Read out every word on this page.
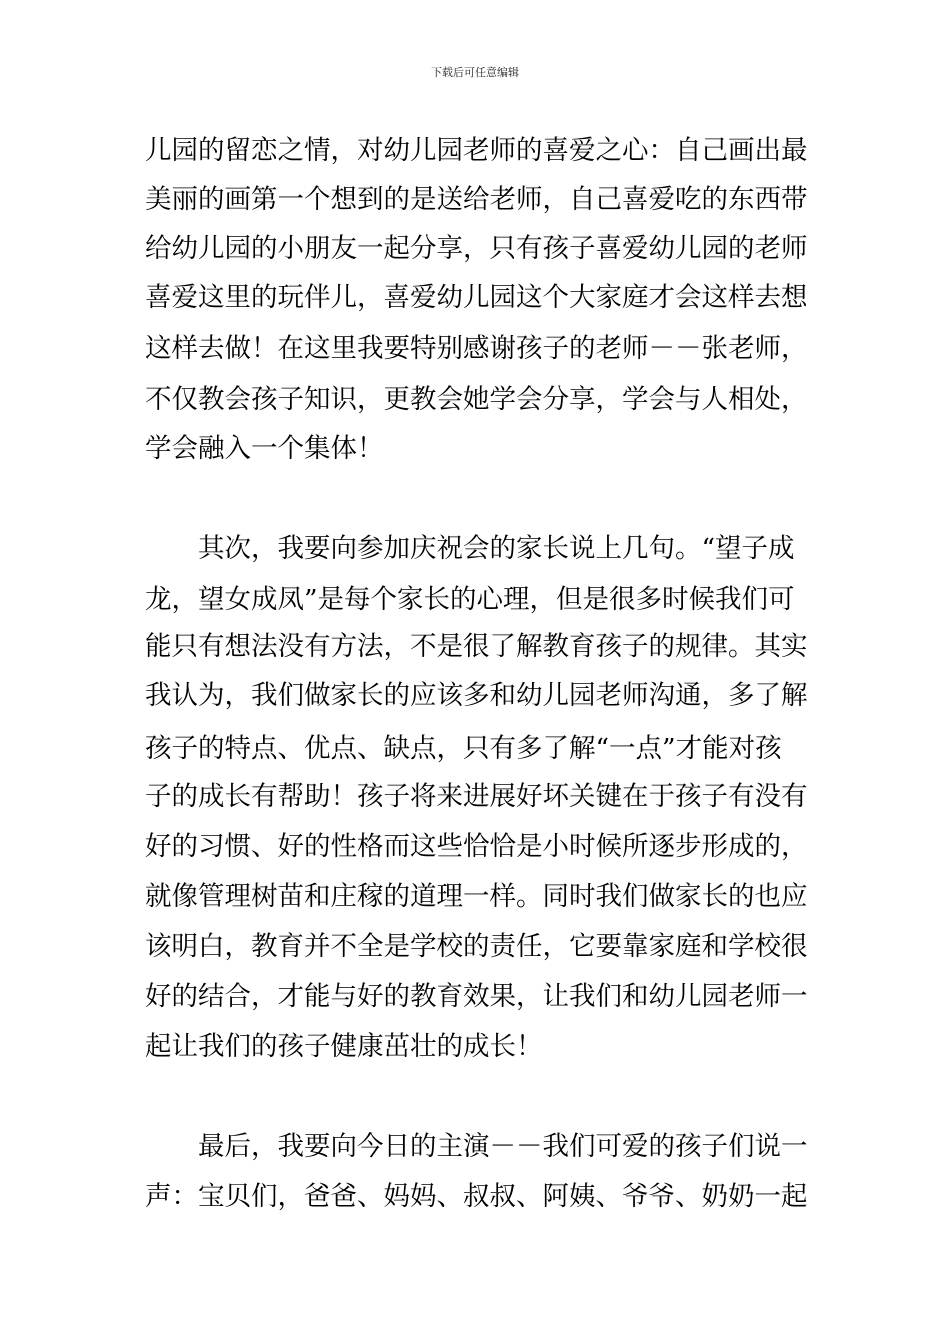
下载后可任意编辑
儿园的留恋之情，对幼儿园老师的喜爱之心：自己画出最
美丽的画第一个想到的是送给老师，自己喜爱吃的东西带
给幼儿园的小朋友一起分享，只有孩子喜爱幼儿园的老师
喜爱这里的玩伴儿，喜爱幼儿园这个大家庭才会这样去想
这样去做！在这里我要特别感谢孩子的老师－－张老师，
不仅教会孩子知识，更教会她学会分享，学会与人相处，
学会融入一个集体！
　　其次，我要向参加庆祝会的家长说上几句。“望子成
龙，望女成凤”是每个家长的心理，但是很多时候我们可
能只有想法没有方法，不是很了解教育孩子的规律。其实
我认为，我们做家长的应该多和幼儿园老师沟通，多了解
孩子的特点、优点、缺点，只有多了解“一点”才能对孩
子的成长有帮助！孩子将来进展好坏关键在于孩子有没有
好的习惯、好的性格而这些恰恰是小时候所逐步形成的，
就像管理树苗和庄稼的道理一样。同时我们做家长的也应
该明白，教育并不全是学校的责任，它要靠家庭和学校很
好的结合，才能与好的教育效果，让我们和幼儿园老师一
起让我们的孩子健康茁壮的成长！
　　最后，我要向今日的主演－－我们可爱的孩子们说一
声：宝贝们，爸爸、妈妈、叔叔、阿姨、爷爷、奶奶一起
